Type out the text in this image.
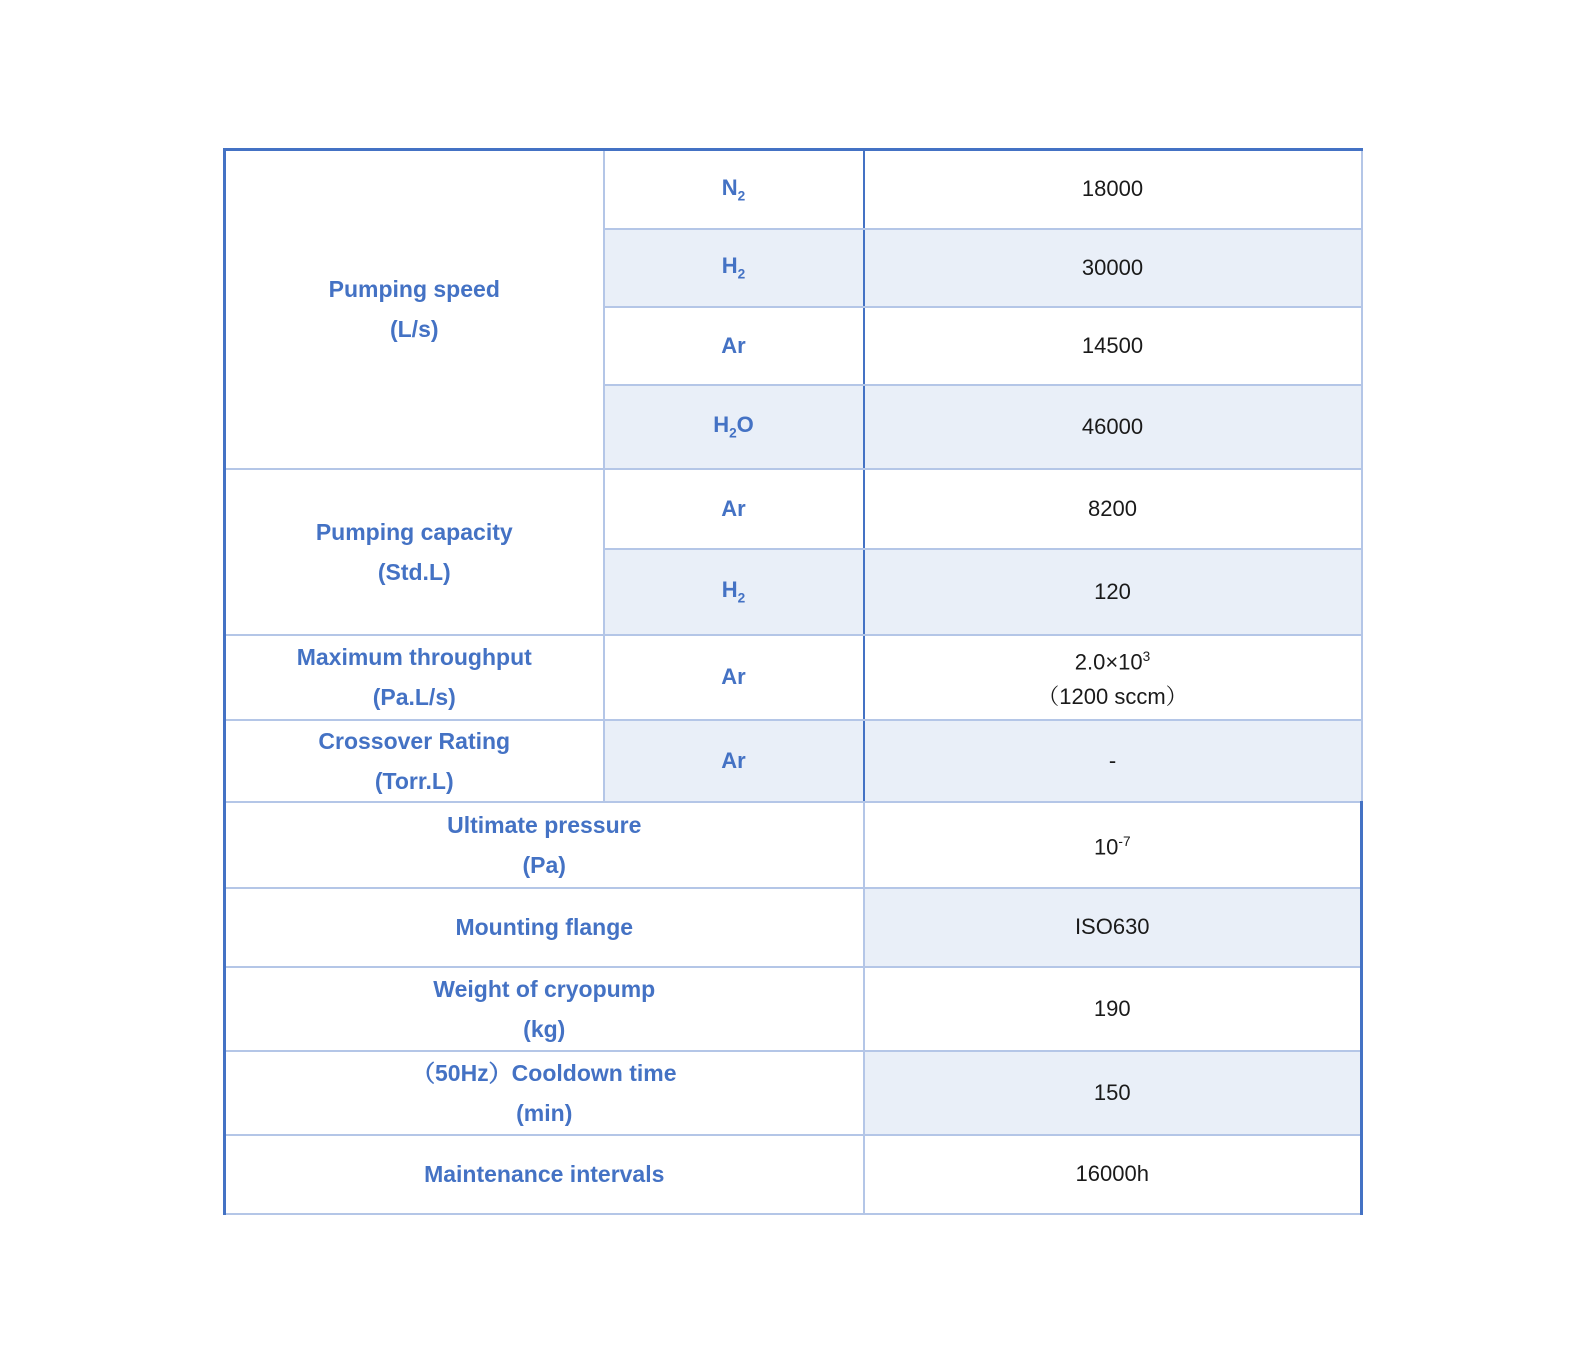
Pumping speed
(L/s)	$N_2$	18000
	$H_2$	30000
	Ar	14500
	$H_2O$	46000
Pumping capacity
(Std.L)	Ar	8200
	$H_2$	120
Maximum throughput
(Pa.L/s)	Ar	$2.0\times 10^3$
（1200 sccm）
Crossover Rating
(Torr.L)	Ar	-
Ultimate pressure
(Pa)		$10^{-7}$
Mounting flange		ISO630
Weight of cryopump
(kg)		190
（50Hz）Cooldown time
(min)		150
Maintenance intervals		16000h
